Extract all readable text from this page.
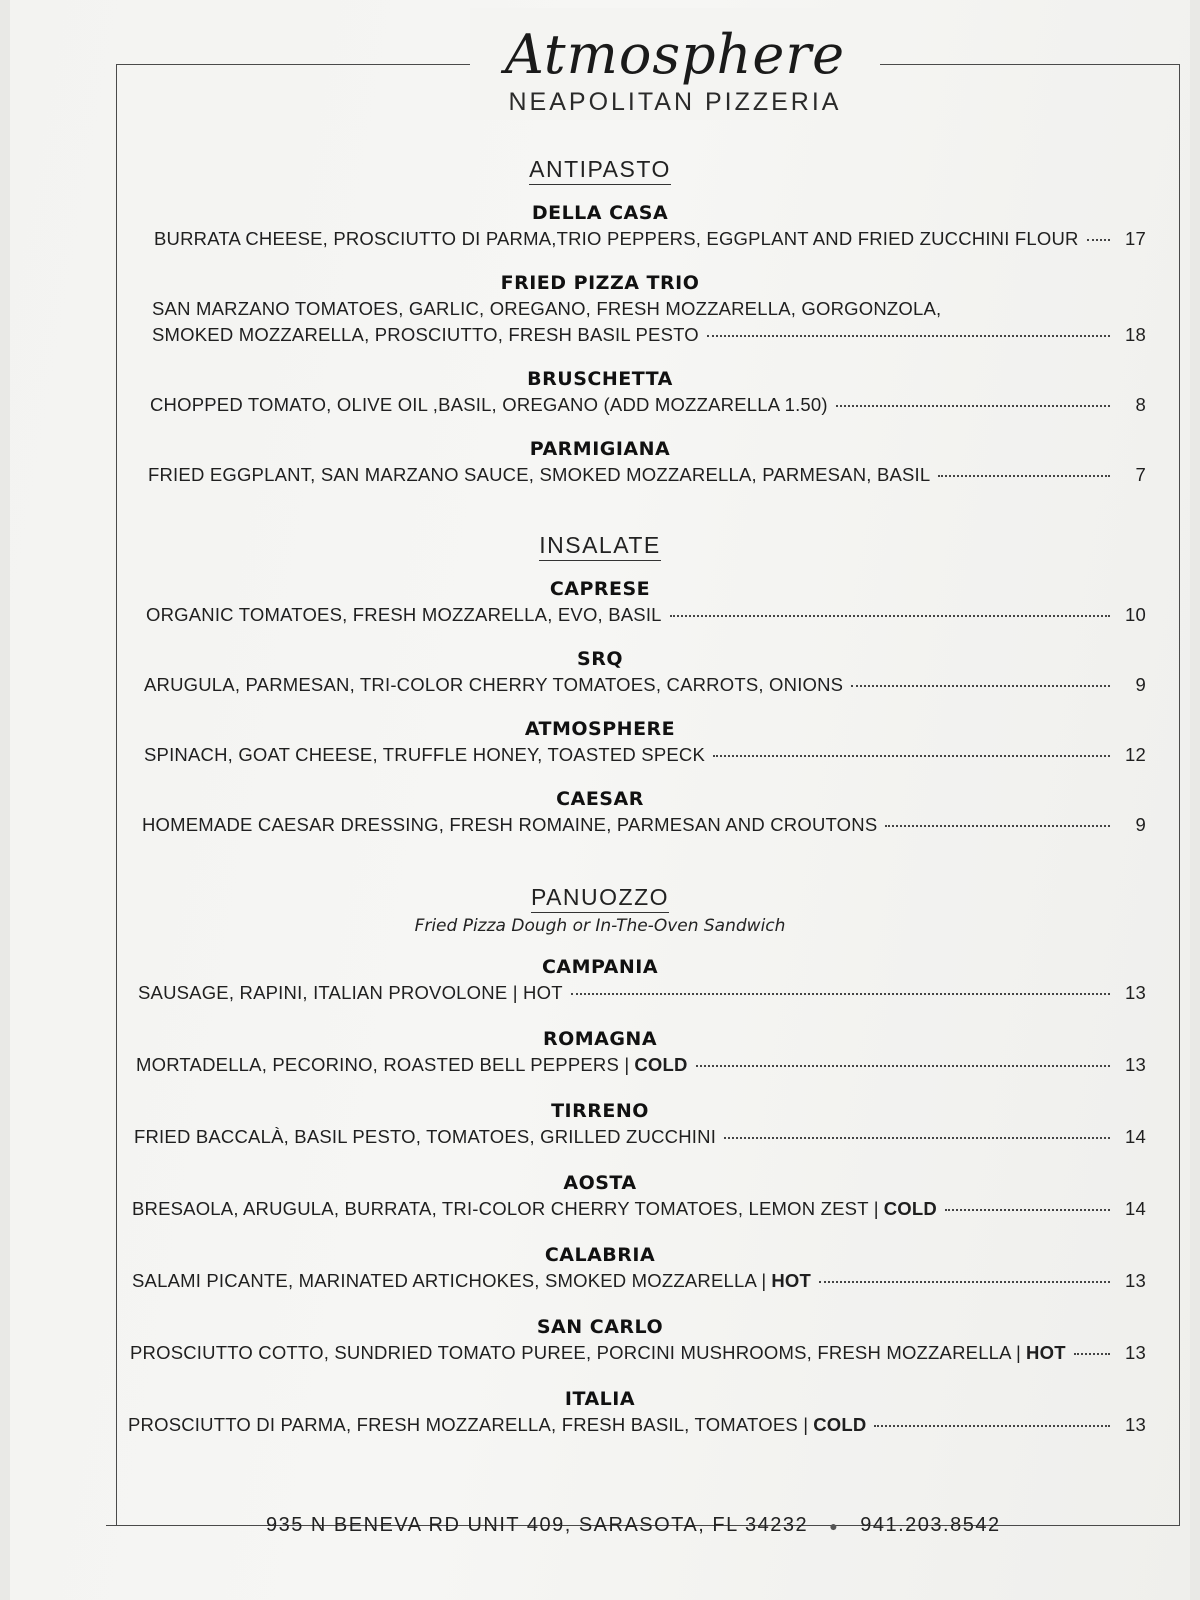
Atmosphere
NEAPOLITAN PIZZERIA
ANTIPASTO
DELLA CASA
BURRATA CHEESE, PROSCIUTTO DI PARMA,TRIO PEPPERS, EGGPLANT AND FRIED ZUCCHINI FLOUR	17
FRIED PIZZA TRIO
SAN MARZANO TOMATOES, GARLIC, OREGANO, FRESH MOZZARELLA, GORGONZOLA,
SMOKED MOZZARELLA, PROSCIUTTO, FRESH BASIL PESTO	18
BRUSCHETTA
CHOPPED TOMATO, OLIVE OIL ,BASIL, OREGANO (ADD MOZZARELLA 1.50)	8
PARMIGIANA
FRIED EGGPLANT, SAN MARZANO SAUCE, SMOKED MOZZARELLA, PARMESAN, BASIL	7
INSALATE
CAPRESE
ORGANIC TOMATOES, FRESH MOZZARELLA, EVO, BASIL	10
SRQ
ARUGULA, PARMESAN, TRI-COLOR CHERRY TOMATOES, CARROTS, ONIONS	9
ATMOSPHERE
SPINACH, GOAT CHEESE, TRUFFLE HONEY, TOASTED SPECK	12
CAESAR
HOMEMADE CAESAR DRESSING, FRESH ROMAINE, PARMESAN AND CROUTONS	9
PANUOZZO
Fried Pizza Dough or In-The-Oven Sandwich
CAMPANIA
SAUSAGE, RAPINI, ITALIAN PROVOLONE | HOT	13
ROMAGNA
MORTADELLA, PECORINO, ROASTED BELL PEPPERS | COLD	13
TIRRENO
FRIED BACCALÀ, BASIL PESTO, TOMATOES, GRILLED ZUCCHINI	14
AOSTA
BRESAOLA, ARUGULA, BURRATA, TRI-COLOR CHERRY TOMATOES, LEMON ZEST | COLD	14
CALABRIA
SALAMI PICANTE, MARINATED ARTICHOKES, SMOKED MOZZARELLA | HOT	13
SAN CARLO
PROSCIUTTO COTTO, SUNDRIED TOMATO PUREE, PORCINI MUSHROOMS, FRESH MOZZARELLA | HOT	13
ITALIA
PROSCIUTTO DI PARMA, FRESH MOZZARELLA, FRESH BASIL, TOMATOES | COLD	13
935 N BENEVA RD UNIT 409, SARASOTA, FL 34232 ● 941.203.8542
